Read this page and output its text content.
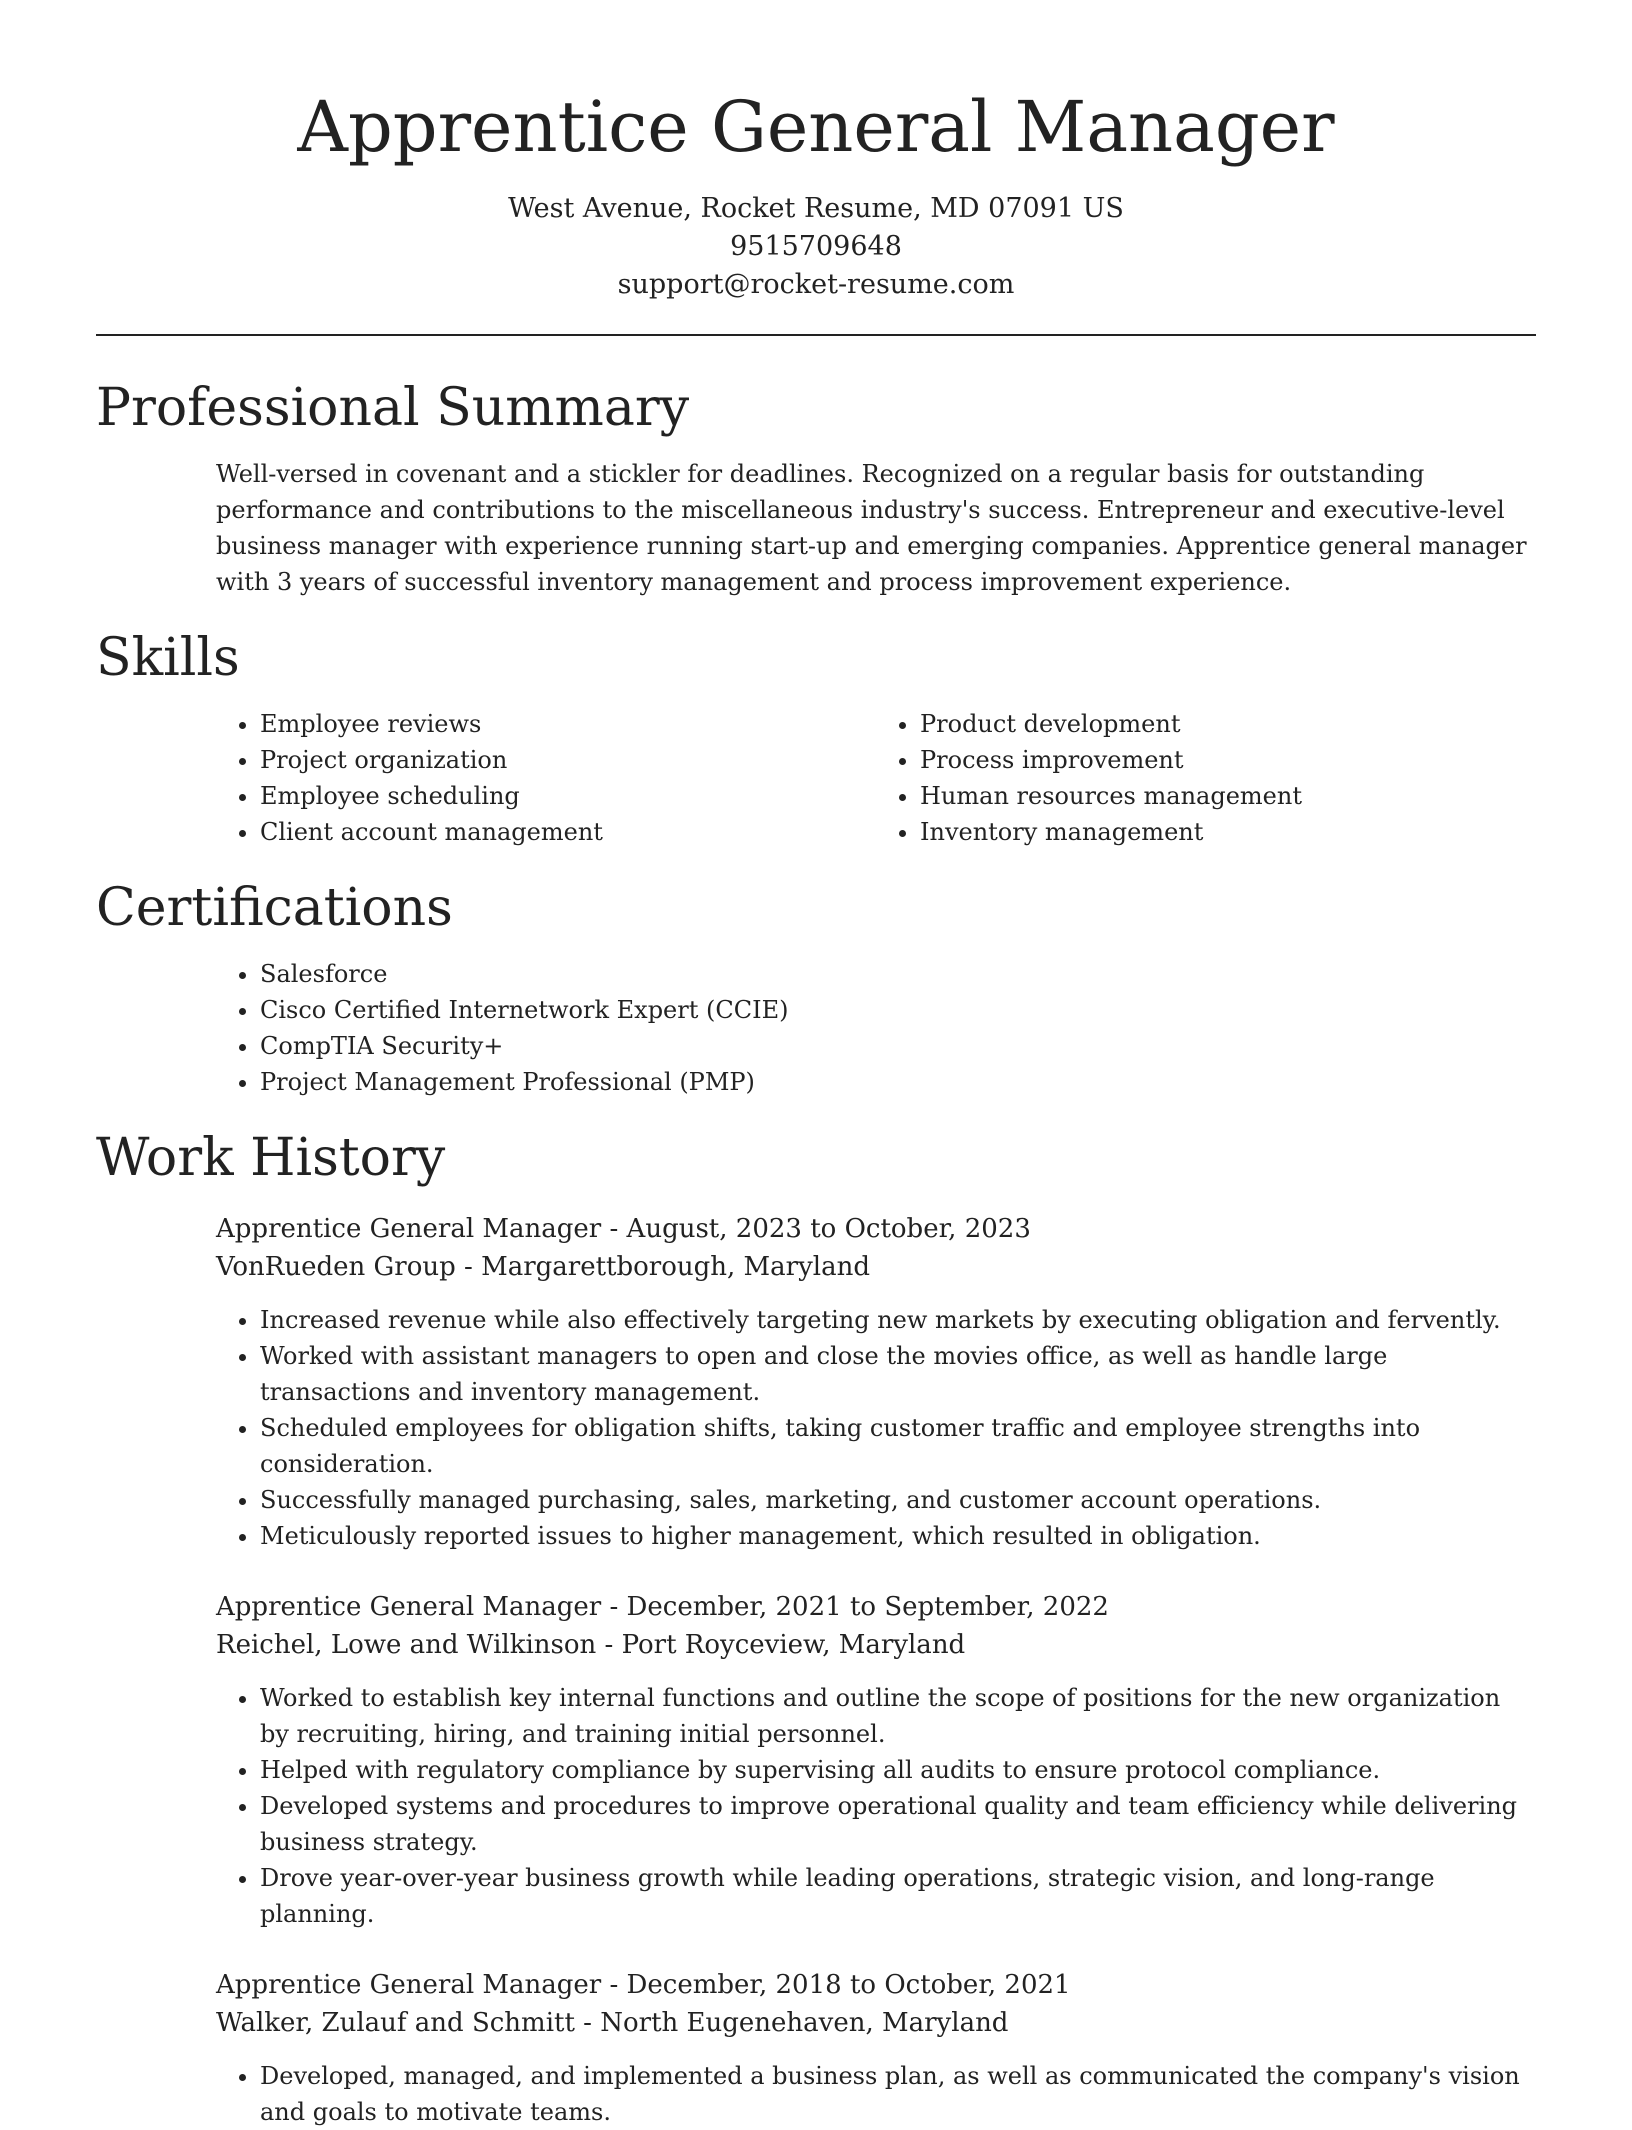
Apprentice General Manager
West Avenue, Rocket Resume, MD 07091 US
9515709648
support@rocket-resume.com
Professional Summary

Well-versed in covenant and a stickler for deadlines. Recognized on a regular basis for outstanding performance and contributions to the miscellaneous industry's success. Entrepreneur and executive-level business manager with experience running start-up and emerging companies. Apprentice general manager with 3 years of successful inventory management and process improvement experience.

Skills
• Employee reviews
• Project organization
• Employee scheduling
• Client account management
• Product development
• Process improvement
• Human resources management
• Inventory management
Certifications
• Salesforce
• Cisco Certified Internetwork Expert (CCIE)
• CompTIA Security+
• Project Management Professional (PMP)
Work History
Apprentice General Manager - August, 2023 to October, 2023
VonRueden Group - Margarettborough, Maryland
• Increased revenue while also effectively targeting new markets by executing obligation and fervently.
• Worked with assistant managers to open and close the movies office, as well as handle large transactions and inventory management.
• Scheduled employees for obligation shifts, taking customer traffic and employee strengths into consideration.
• Successfully managed purchasing, sales, marketing, and customer account operations.
• Meticulously reported issues to higher management, which resulted in obligation.
Apprentice General Manager - December, 2021 to September, 2022
Reichel, Lowe and Wilkinson - Port Royceview, Maryland
• Worked to establish key internal functions and outline the scope of positions for the new organization by recruiting, hiring, and training initial personnel.
• Helped with regulatory compliance by supervising all audits to ensure protocol compliance.
• Developed systems and procedures to improve operational quality and team efficiency while delivering business strategy.
• Drove year-over-year business growth while leading operations, strategic vision, and long-range planning.
Apprentice General Manager - December, 2018 to October, 2021
Walker, Zulauf and Schmitt - North Eugenehaven, Maryland
• Developed, managed, and implemented a business plan, as well as communicated the company's vision and goals to motivate teams.
